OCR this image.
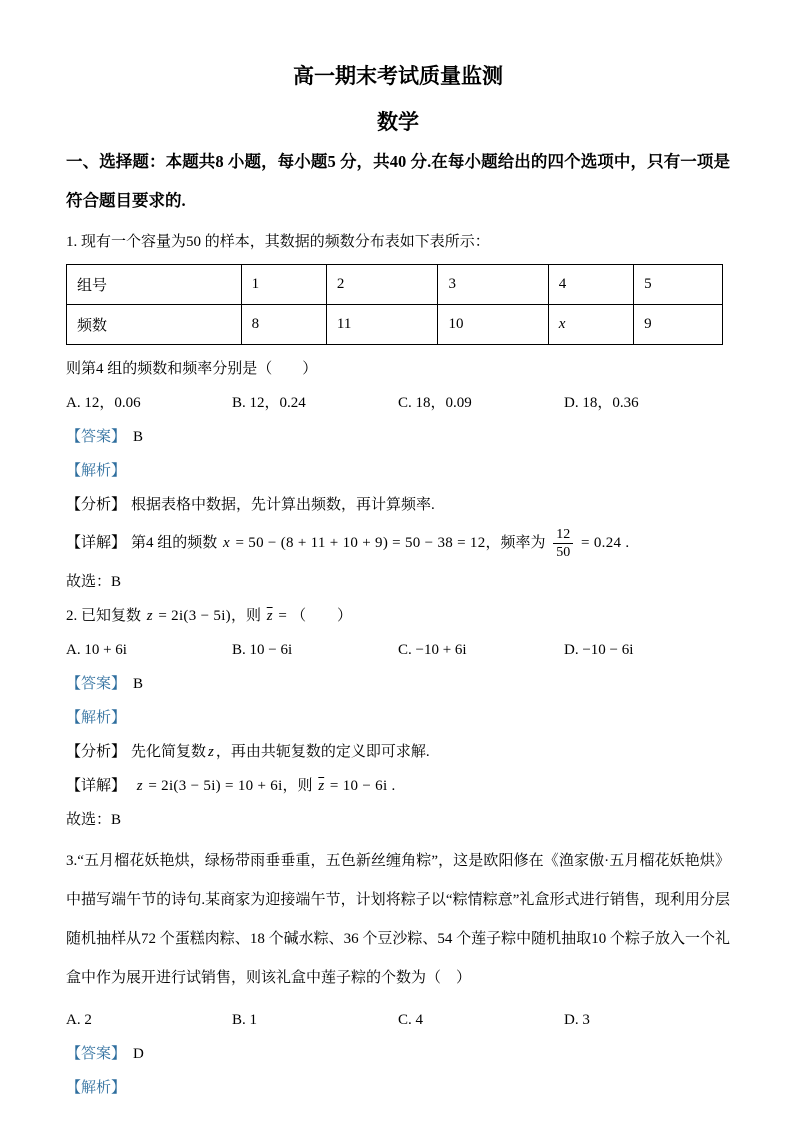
高一期末考试质量监测
数学
一、选择题：本题共8 小题，每小题5 分，共40 分.在每小题给出的四个选项中，只有一项是符合题目要求的.
1. 现有一个容量为50 的样本，其数据的频数分布表如下表所示：
组号	1	2	3	4	5
频数	8	11	10	x	9
则第4 组的频数和频率分别是（　　）
A. 12，0.06	B. 12，0.24	C. 18，0.09	D. 18，0.36
【答案】 B
【解析】
【分析】 根据表格中数据，先计算出频数，再计算频率.
【详解】 第4 组的频数 x = 50 − (8 + 11 + 10 + 9) = 50 − 38 = 12，频率为 $\frac{12}{50} = 0.24$ .
故选：B
2. 已知复数 z = 2i(3 − 5i)，则 $\overline{z}$ = （　　）
A. 10 + 6i	B. 10 − 6i	C. −10 + 6i	D. −10 − 6i
【答案】 B
【解析】
【分析】 先化简复数 z ，再由共轭复数的定义即可求解.
【详解】 z = 2i(3 − 5i) = 10 + 6i，则 $\overline{z} = 10 - 6i$ .
故选：B
3.“五月榴花妖艳烘，绿杨带雨垂垂重，五色新丝缠角粽”，这是欧阳修在《渔家傲·五月榴花妖艳烘》中描写端午节的诗句.某商家为迎接端午节，计划将粽子以“粽情粽意”礼盒形式进行销售，现利用分层随机抽样从72 个蛋糕肉粽、18 个碱水粽、36 个豆沙粽、54 个莲子粽中随机抽取10 个粽子放入一个礼盒中作为展开进行试销售，则该礼盒中莲子粽的个数为（　）
A. 2	B. 1	C. 4	D. 3
【答案】 D
【解析】
